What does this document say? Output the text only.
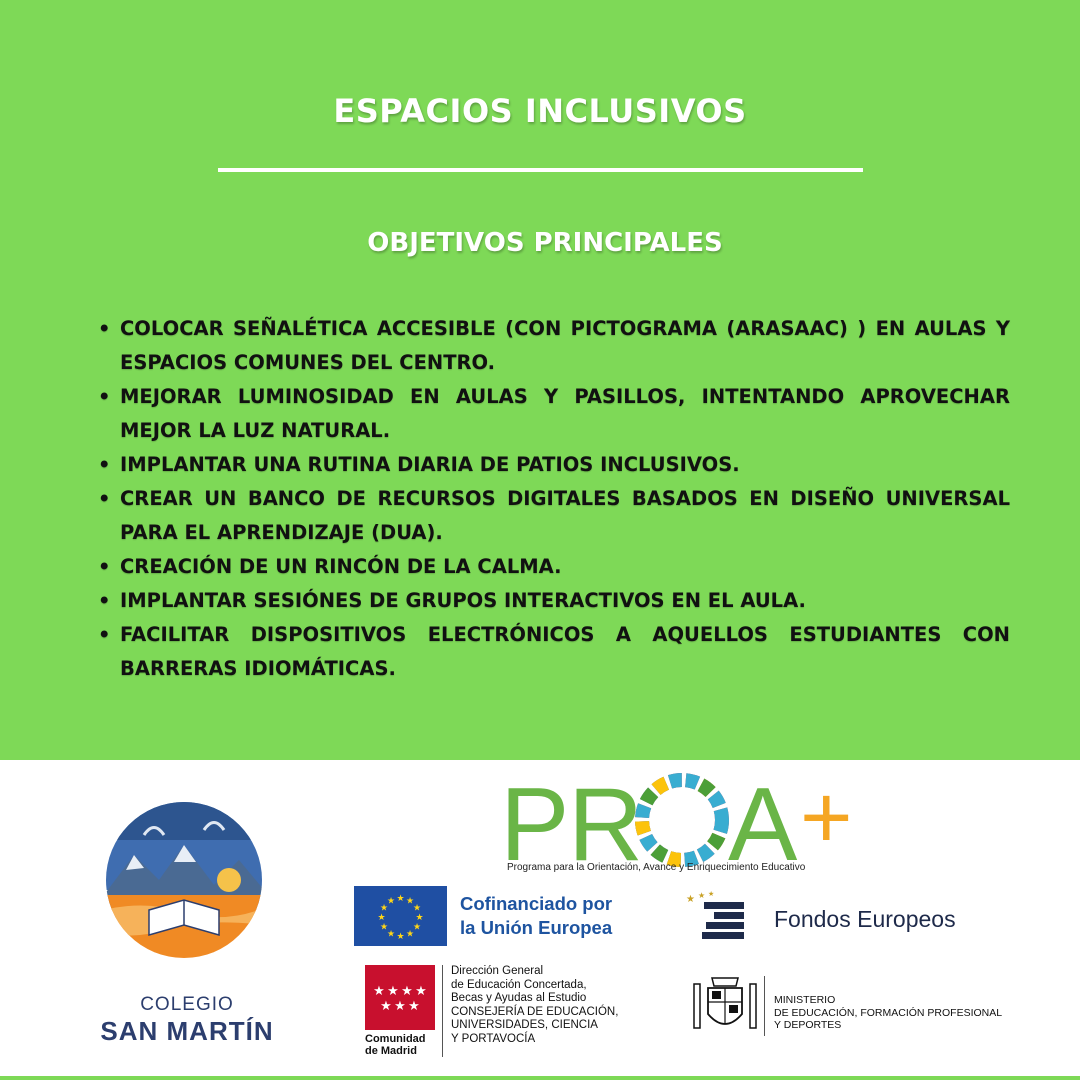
ESPACIOS INCLUSIVOS
OBJETIVOS PRINCIPALES
• COLOCAR SEÑALÉTICA ACCESIBLE (CON PICTOGRAMA (ARASAAC) ) EN AULAS Y ESPACIOS COMUNES DEL CENTRO.
• MEJORAR LUMINOSIDAD EN AULAS Y PASILLOS, INTENTANDO APROVECHAR MEJOR LA LUZ NATURAL.
• IMPLANTAR UNA RUTINA DIARIA DE PATIOS INCLUSIVOS.
• CREAR UN BANCO DE RECURSOS DIGITALES BASADOS EN DISEÑO UNIVERSAL PARA EL APRENDIZAJE (DUA).
• CREACIÓN DE UN RINCÓN DE LA CALMA.
• IMPLANTAR SESIÓNES DE GRUPOS INTERACTIVOS EN EL AULA.
• FACILITAR DISPOSITIVOS ELECTRÓNICOS A AQUELLOS ESTUDIANTES CON BARRERAS IDIOMÁTICAS.
COLEGIO
SAN MARTÍN
P
R A +
Programa para la Orientación, Avance y Enriquecimiento Educativo
★ ★
★
★
★
★
★
★
★
★
★
★	Cofinanciado por
la Unión Europea
★ ★ ★
Fondos Europeos
★ ★ ★ ★
★ ★ ★
Comunidad
de Madrid
Dirección General
de Educación Concertada,
Becas y Ayudas al Estudio
CONSEJERÍA DE EDUCACIÓN,
UNIVERSIDADES, CIENCIA
Y PORTAVOCÍA
MINISTERIO
DE EDUCACIÓN, FORMACIÓN PROFESIONAL
Y DEPORTES
